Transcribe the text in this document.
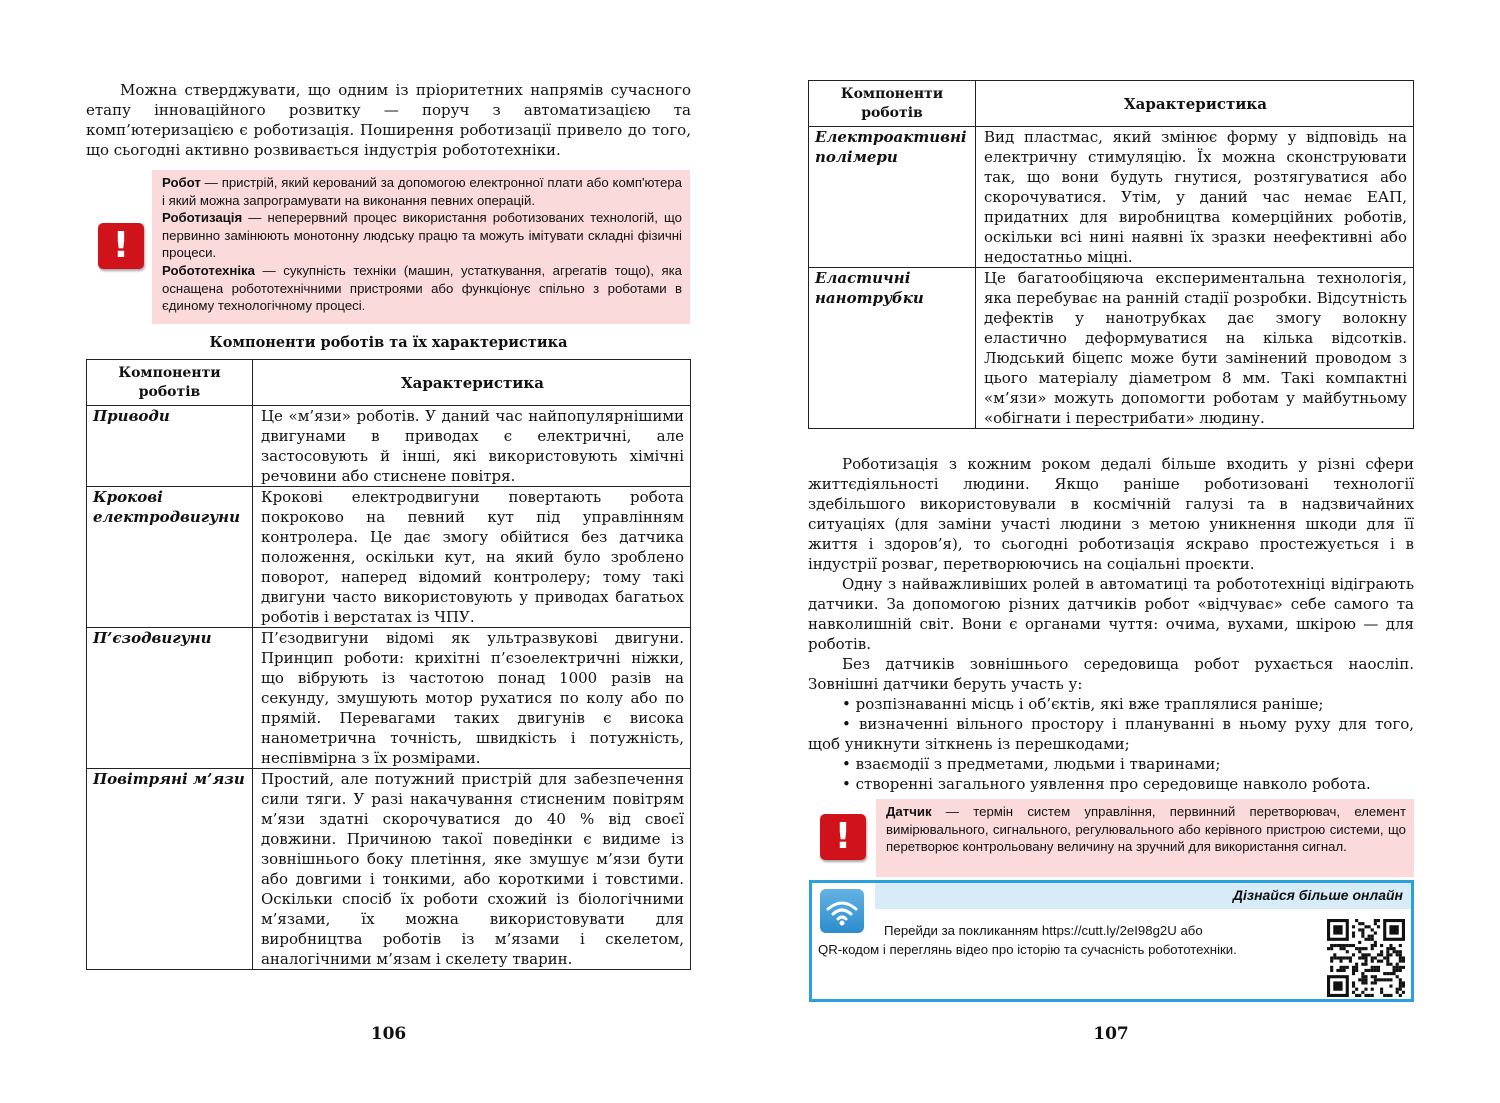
Можна стверджувати, що одним із пріоритетних напрямів сучасного етапу інноваційного розвитку — поруч з автоматизацією та комп’ютеризацією є роботизація. Поширення роботизації привело до того, що сьогодні активно розвивається індустрія робототехніки.

!

Робот — пристрій, який керований за допомогою електронної плати або комп'ютера і який можна запрограмувати на виконання певних операцій.

Роботизація — неперервний процес використання роботизованих технологій, що первинно замінюють монотонну людську працю та можуть імітувати складні фізичні процеси.

Робототехніка — сукупність техніки (машин, устаткування, агрегатів тощо), яка оснащена робототехнічними пристроями або функціонує спільно з роботами в єдиному технологічному процесі.

Компоненти роботів та їх характеристика
Компоненти роботів	Характеристика
Приводи	Це «м’язи» роботів. У даний час найпопулярнішими двигунами в приводах є електричні, але застосовують й інші, які використовують хімічні речовини або стиснене повітря.
Крокові електродвигуни	Крокові електродвигуни повертають робота покроково на певний кут під управлінням контролера. Це дає змогу обійтися без датчика положення, оскільки кут, на який було зроблено поворот, наперед відомий контролеру; тому такі двигуни часто використовують у приводах багатьох роботів і верстатах із ЧПУ.
П’єзодвигуни	П’єзодвигуни відомі як ультразвукові двигуни. Принцип роботи: крихітні п’єзоелектричні ніжки, що вібрують із частотою понад 1000 разів на секунду, змушують мотор рухатися по колу або по прямій. Перевагами таких двигунів є висока нанометрична точність, швидкість і потужність, неспівмірна з їх розмірами.
Повітряні м’язи	Простий, але потужний пристрій для забезпечення сили тяги. У разі накачування стисненим повітрям м’язи здатні скорочуватися до 40 % від своєї довжини. Причиною такої поведінки є видиме із зовнішнього боку плетіння, яке змушує м’язи бути або довгими і тонкими, або короткими і товстими. Оскільки спосіб їх роботи схожий із біологічними м’язами, їх можна використовувати для виробництва роботів із м’язами і скелетом, аналогічними м’язам і скелету тварин.
106
Компоненти роботів	Характеристика
Електроактивні полімери	Вид пластмас, який змінює форму у відповідь на електричну стимуляцію. Їх можна сконструювати так, що вони будуть гнутися, розтягуватися або скорочуватися. Утім, у даний час немає ЕАП, придатних для виробництва комерційних роботів, оскільки всі нині наявні їх зразки неефективні або недостатньо міцні.
Еластичні нанотрубки	Це багатообіцяюча експериментальна технологія, яка перебуває на ранній стадії розробки. Відсутність дефектів у нанотрубках дає змогу волокну еластично деформуватися на кілька відсотків. Людський біцепс може бути замінений проводом з цього матеріалу діаметром 8 мм. Такі компактні «м’язи» можуть допомогти роботам у майбутньому «обігнати і перестрибати» людину.

Роботизація з кожним роком дедалі більше входить у різні сфери життєдіяльності людини. Якщо раніше роботизовані технології здебільшого використовували в космічній галузі та в надзвичайних ситуаціях (для заміни участі людини з метою уникнення шкоди для її життя і здоров’я), то сьогодні роботизація яскраво простежується і в індустрії розваг, перетворюючись на соціальні проєкти.

Одну з найважливіших ролей в автоматиці та робототехніці відіграють датчики. За допомогою різних датчиків робот «відчуває» себе самого та навколишній світ. Вони є органами чуття: очима, вухами, шкірою — для роботів.

Без датчиків зовнішнього середовища робот рухається наосліп. Зовнішні датчики беруть участь у:

• розпізнаванні місць і об’єктів, які вже траплялися раніше;

• визначенні вільного простору і плануванні в ньому руху для того, щоб уникнути зіткнень із перешкодами;

• взаємодії з предметами, людьми і тваринами;

• створенні загального уявлення про середовище навколо робота.

!

Датчик — термін систем управління, первинний перетворювач, елемент вимірювального, сигнального, регулювального або керівного пристрою системи, що перетворює контрольовану величину на зручний для використання сигнал.

107
Дізнайся більше онлайн

Перейди за покликанням https://cutt.ly/2eI98g2U або
QR-кодом і переглянь відео про історію та сучасність робототехніки.
